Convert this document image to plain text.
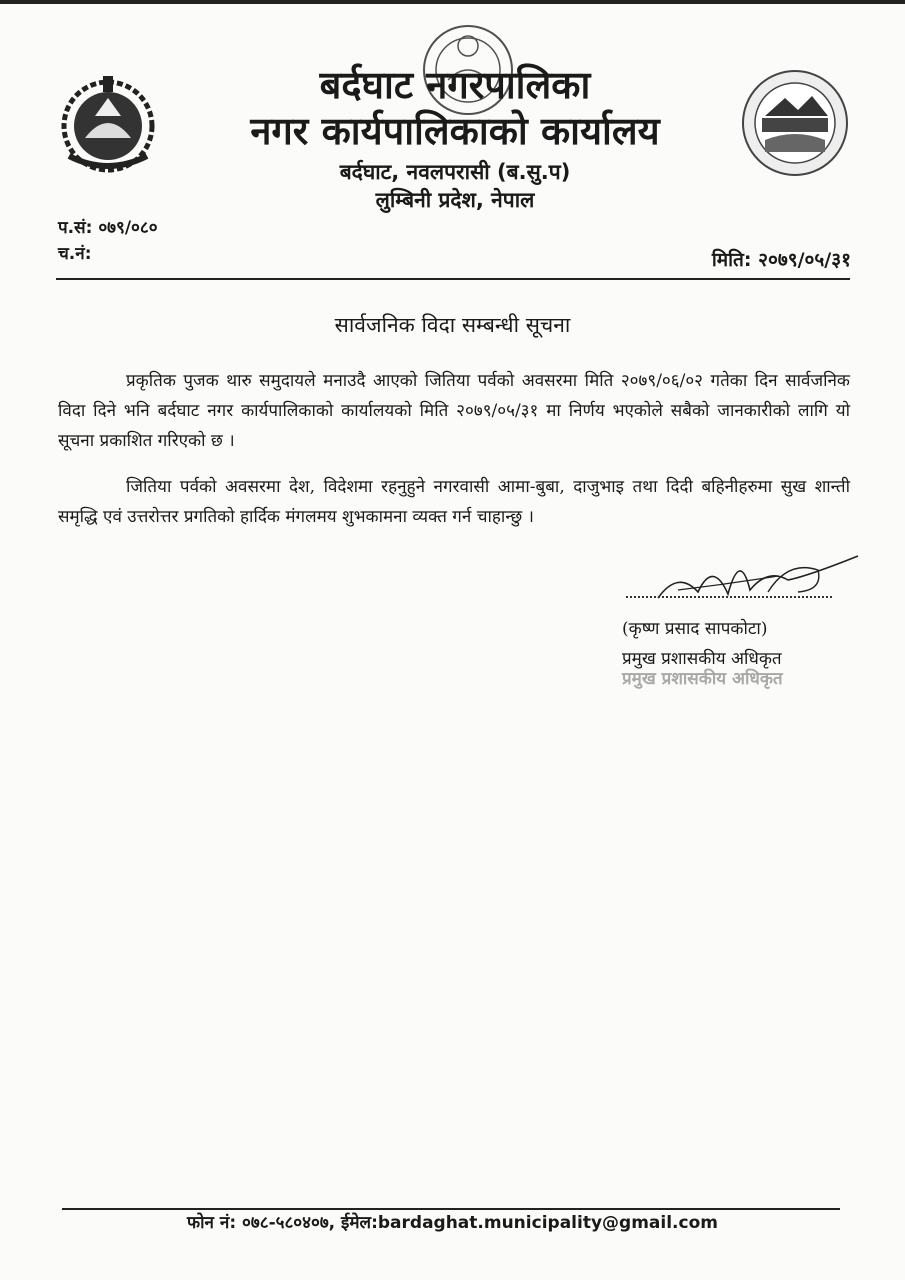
बर्दघाट नगरपालिका
नगर कार्यपालिकाको कार्यालय
बर्दघाट, नवलपरासी (ब.सु.प)
लुम्बिनी प्रदेश, नेपाल
प.सं: ०७९/०८०
च.नं:	मिति: २०७९/०५/३१
सार्वजनिक विदा सम्बन्धी सूचना

प्रकृतिक पुजक थारु समुदायले मनाउदै आएको जितिया पर्वको अवसरमा मिति २०७९/०६/०२ गतेका दिन सार्वजनिक विदा दिने भनि बर्दघाट नगर कार्यपालिकाको कार्यालयको मिति २०७९/०५/३१ मा निर्णय भएकोले सबैको जानकारीको लागि यो सूचना प्रकाशित गरिएको छ ।

जितिया पर्वको अवसरमा देश, विदेशमा रहनुहुने नगरवासी आमा-बुबा, दाजुभाइ तथा दिदी बहिनीहरुमा सुख शान्ती समृद्धि एवं उत्तरोत्तर प्रगतिको हार्दिक मंगलमय शुभकामना व्यक्त गर्न चाहान्छु ।

(कृष्ण प्रसाद सापकोटा)
प्रमुख प्रशासकीय अधिकृत
प्रमुख प्रशासकीय अधिकृत
फोन नं: ०७८-५८०४०७, ईमेल:bardaghat.municipality@gmail.com
